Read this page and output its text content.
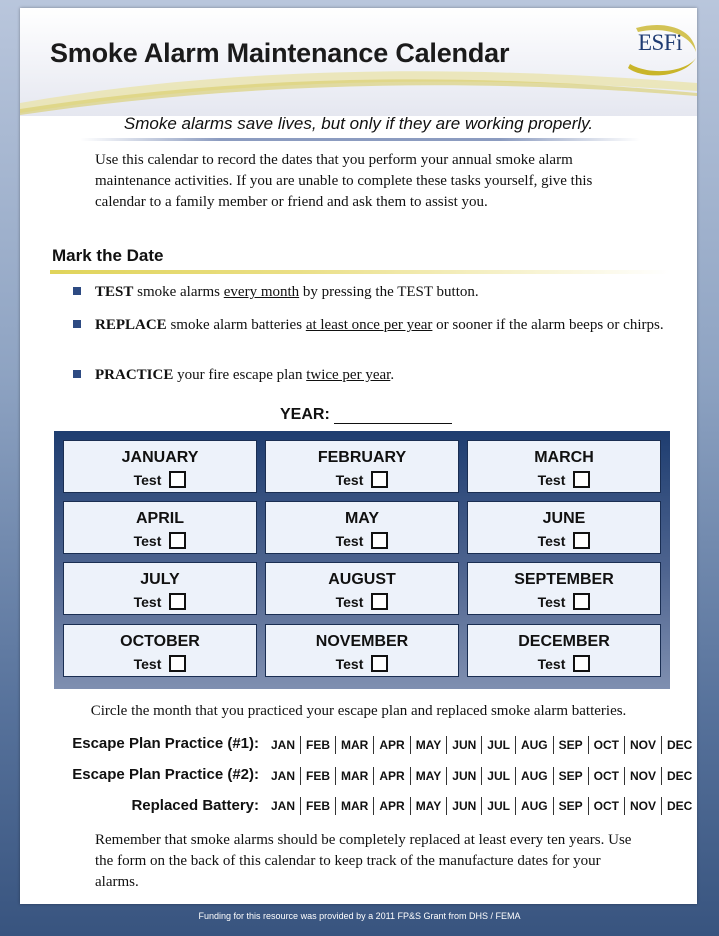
Smoke Alarm Maintenance Calendar	ESFi
Smoke alarms save lives, but only if they are working properly.
Use this calendar to record the dates that you perform your annual smoke alarm maintenance activities. If you are unable to complete these tasks yourself, give this calendar to a family member or friend and ask them to assist you.
Mark the Date
TEST smoke alarms every month by pressing the TEST button.
REPLACE smoke alarm batteries at least once per year or sooner if the alarm beeps or chirps.
PRACTICE your fire escape plan twice per year.
YEAR:
JANUARY
Test
FEBRUARY
Test
MARCH
Test
APRIL
Test
MAY
Test
JUNE
Test
JULY
Test
AUGUST
Test
SEPTEMBER
Test
OCTOBER
Test
NOVEMBER
Test
DECEMBER
Test
Circle the month that you practiced your escape plan and replaced smoke alarm batteries.
Escape Plan Practice (#1):	JAN FEB MAR APR MAY JUN JUL AUG SEP OCT NOV DEC
Escape Plan Practice (#2):	JAN FEB MAR APR MAY JUN JUL AUG SEP OCT NOV DEC
Replaced Battery:	JAN FEB MAR APR MAY JUN JUL AUG SEP OCT NOV DEC
Remember that smoke alarms should be completely replaced at least every ten years. Use the form on the back of this calendar to keep track of the manufacture dates for your alarms.
Funding for this resource was provided by a 2011 FP&S Grant from DHS / FEMA
